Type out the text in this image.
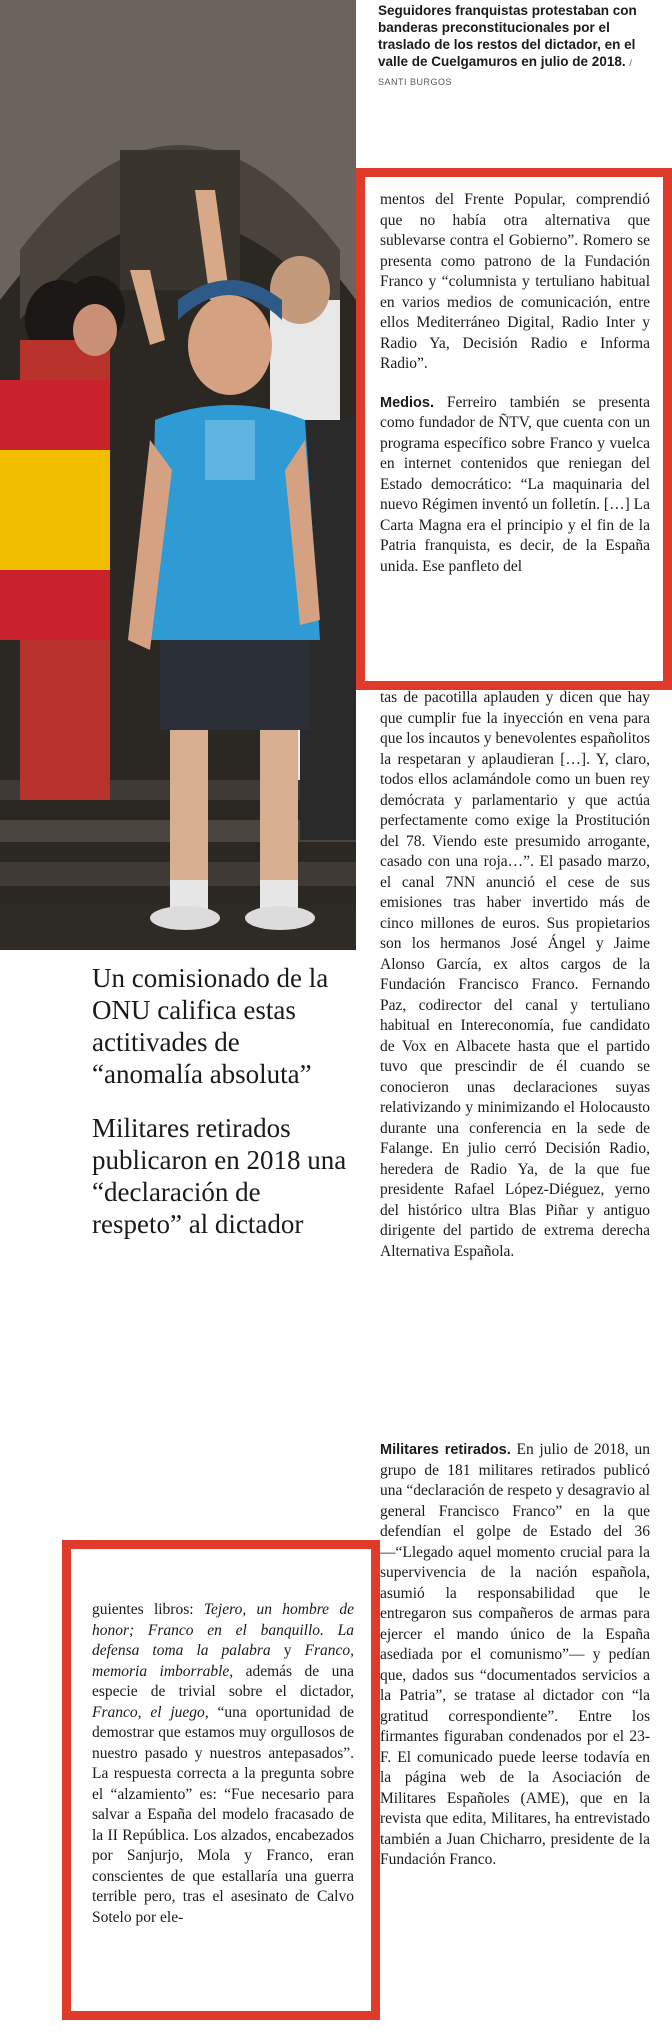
Seguidores franquistas protestaban con banderas preconstitucionales por el traslado de los restos del dictador, en el valle de Cuelgamuros en julio de 2018. / SANTI BURGOS

mentos del Frente Popular, comprendió que no había otra alternativa que sublevarse contra el Gobierno”. Romero se presenta como patrono de la Fundación Franco y “columnista y tertuliano habitual en varios medios de comunicación, entre ellos Mediterráneo Digital, Radio Inter y Radio Ya, Decisión Radio e Informa Radio”.

Medios. Ferreiro también se presenta como fundador de ÑTV, que cuenta con un programa específico sobre Franco y vuelca en internet contenidos que reniegan del Estado democrático: “La maquinaria del nuevo Régimen inventó un folletín. […] La Carta Magna era el principio y el fin de la Patria franquista, es decir, de la España unida. Ese panfleto del

tas de pacotilla aplauden y dicen que hay que cumplir fue la inyección en vena para que los incautos y benevolentes españolitos la respetaran y aplaudieran […]. Y, claro, todos ellos aclamándole como un buen rey demócrata y parlamentario y que actúa perfectamente como exige la Prostitución del 78. Viendo este presumido arrogante, casado con una roja…”. El pasado marzo, el canal 7NN anunció el cese de sus emisiones tras haber invertido más de cinco millones de euros. Sus propietarios son los hermanos José Ángel y Jaime Alonso García, ex altos cargos de la Fundación Francisco Franco. Fernando Paz, codirector del canal y tertuliano habitual en Intereconomía, fue candidato de Vox en Albacete hasta que el partido tuvo que prescindir de él cuando se conocieron unas declaraciones suyas relativizando y minimizando el Holocausto durante una conferencia en la sede de Falange. En julio cerró Decisión Radio, heredera de Radio Ya, de la que fue presidente Rafael López-Diéguez, yerno del histórico ultra Blas Piñar y antiguo dirigente del partido de extrema derecha Alternativa Española.

Militares retirados. En julio de 2018, un grupo de 181 militares retirados publicó una “declaración de respeto y desagravio al general Francisco Franco” en la que defendían el golpe de Estado del 36 —“Llegado aquel momento crucial para la supervivencia de la nación española, asumió la responsabilidad que le entregaron sus compañeros de armas para ejercer el mando único de la España asediada por el comunismo”— y pedían que, dados sus “documentados servicios a la Patria”, se tratase al dictador con “la gratitud correspondiente”. Entre los firmantes figuraban condenados por el 23-F. El comunicado puede leerse todavía en la página web de la Asociación de Militares Españoles (AME), que en la revista que edita, Militares, ha entrevistado también a Juan Chicharro, presidente de la Fundación Franco.

Un comisionado de la ONU califica estas actitivades de “anomalía absoluta”
Militares retirados publicaron en 2018 una “declaración de respeto” al dictador

guientes libros: Tejero, un hombre de honor; Franco en el banquillo. La defensa toma la palabra y Franco, memoria imborrable, además de una especie de trivial sobre el dictador, Franco, el juego, “una oportunidad de demostrar que estamos muy orgullosos de nuestro pasado y nuestros antepasados”. La respuesta correcta a la pregunta sobre el “alzamiento” es: “Fue necesario para salvar a España del modelo fracasado de la II República. Los alzados, encabezados por Sanjurjo, Mola y Franco, eran conscientes de que estallaría una guerra terrible pero, tras el asesinato de Calvo Sotelo por ele-
